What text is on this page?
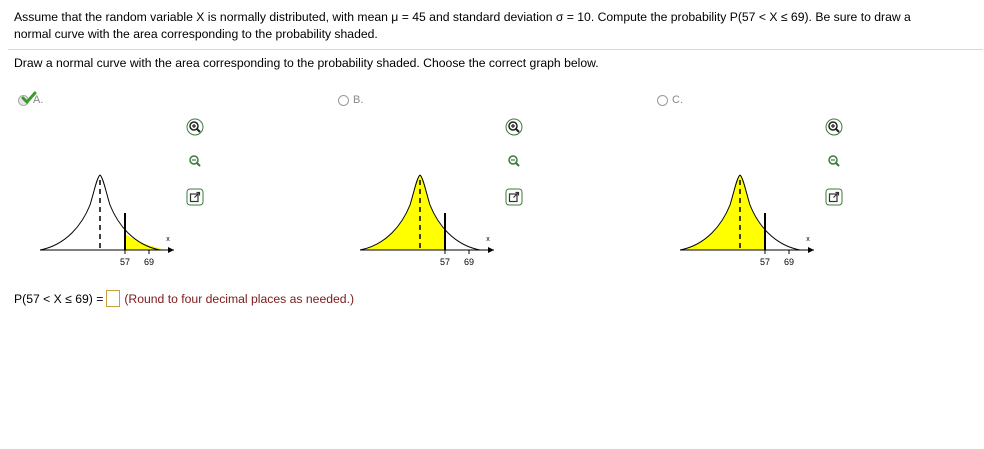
Assume that the random variable X is normally distributed, with mean μ = 45 and standard deviation σ = 10. Compute the probability P(57 < X ≤ 69). Be sure to draw a
normal curve with the area corresponding to the probability shaded.
Draw a normal curve with the area corresponding to the probability shaded. Choose the correct graph below.
A.	B.	C.
57 69
x
57 69
x
57 69
x
P(57 < X ≤ 69) = (Round to four decimal places as needed.)
